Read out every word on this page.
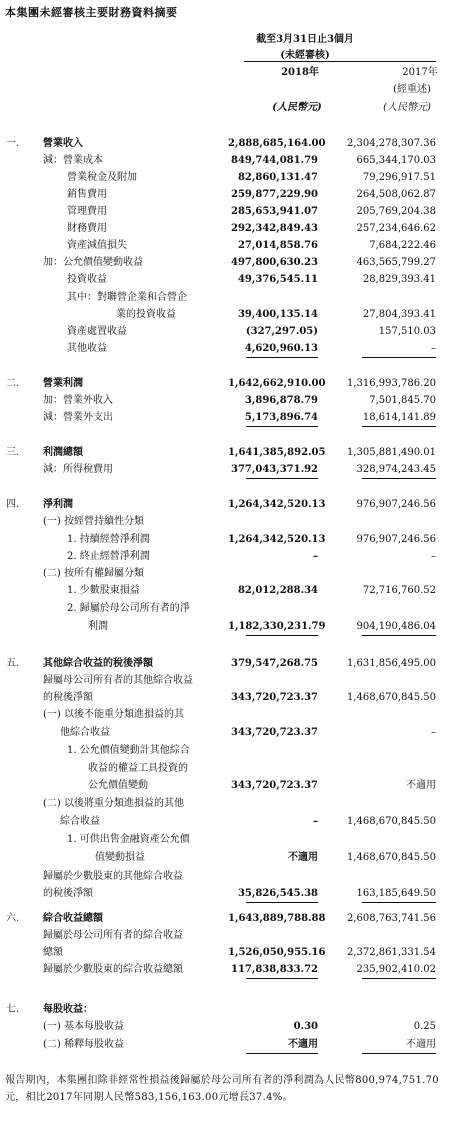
本集團未經審核主要財務資料摘要
截至3月31日止3個月
(未經審核)
2018年	2017年
(經重述)
(人民幣元)	(人民幣元)
一. 營業收入	2,888,685,164.00	2,304,278,307.36
減：營業成本	849,744,081.79	665,344,170.03
營業稅金及附加	82,860,131.47	79,296,917.51
銷售費用	259,877,229.90	264,508,062.87
管理費用	285,653,941.07	205,769,204.38
財務費用	292,342,849.43	257,234,646.62
資產減值損失	27,014,858.76	7,684,222.46
加：公允價值變動收益	497,800,630.23	463,565,799.27
投資收益	49,376,545.11	28,829,393.41
其中：對聯營企業和合營企
業的投資收益	39,400,135.14	27,804,393.41
資產處置收益	(327,297.05)	157,510.03
其他收益	4,620,960.13	–
二. 營業利潤	1,642,662,910.00	1,316,993,786.20
加：營業外收入	3,896,878.79	7,501,845.70
減：營業外支出	5,173,896.74	18,614,141.89
三. 利潤總額	1,641,385,892.05	1,305,881,490.01
減：所得稅費用	377,043,371.92	328,974,243.45
四. 淨利潤	1,264,342,520.13	976,907,246.56
(一) 按經營持續性分類
1. 持續經營淨利潤	1,264,342,520.13	976,907,246.56
2. 終止經營淨利潤	–	–
(二) 按所有權歸屬分類
1. 少數股東損益	82,012,288.34	72,716,760.52
2. 歸屬於母公司所有者的淨
利潤	1,182,330,231.79	904,190,486.04
五. 其他綜合收益的稅後淨額	379,547,268.75	1,631,856,495.00
歸屬母公司所有者的其他綜合收益
的稅後淨額	343,720,723.37	1,468,670,845.50
(一) 以後不能重分類進損益的其
他綜合收益	343,720,723.37	–
1. 公允價值變動計其他綜合
收益的權益工具投資的
公允價值變動	343,720,723.37	不適用
(二) 以後將重分類進損益的其他
綜合收益	–	1,468,670,845.50
1. 可供出售金融資產公允價
值變動損益	不適用	1,468,670,845.50
歸屬於少數股東的其他綜合收益
的稅後淨額	35,826,545.38	163,185,649.50
六. 綜合收益總額	1,643,889,788.88	2,608,763,741.56
歸屬於母公司所有者的綜合收益
總額	1,526,050,955.16	2,372,861,331.54
歸屬於少數股東的綜合收益總額	117,838,833.72	235,902,410.02
七. 每股收益：
(一) 基本每股收益	0.30	0.25
(二) 稀釋每股收益	不適用	不適用
報告期內，本集團扣除非經常性損益後歸屬於母公司所有者的淨利潤為人民幣800,974,751.70元，相比2017年同期人民幣583,156,163.00元增長37.4%。
